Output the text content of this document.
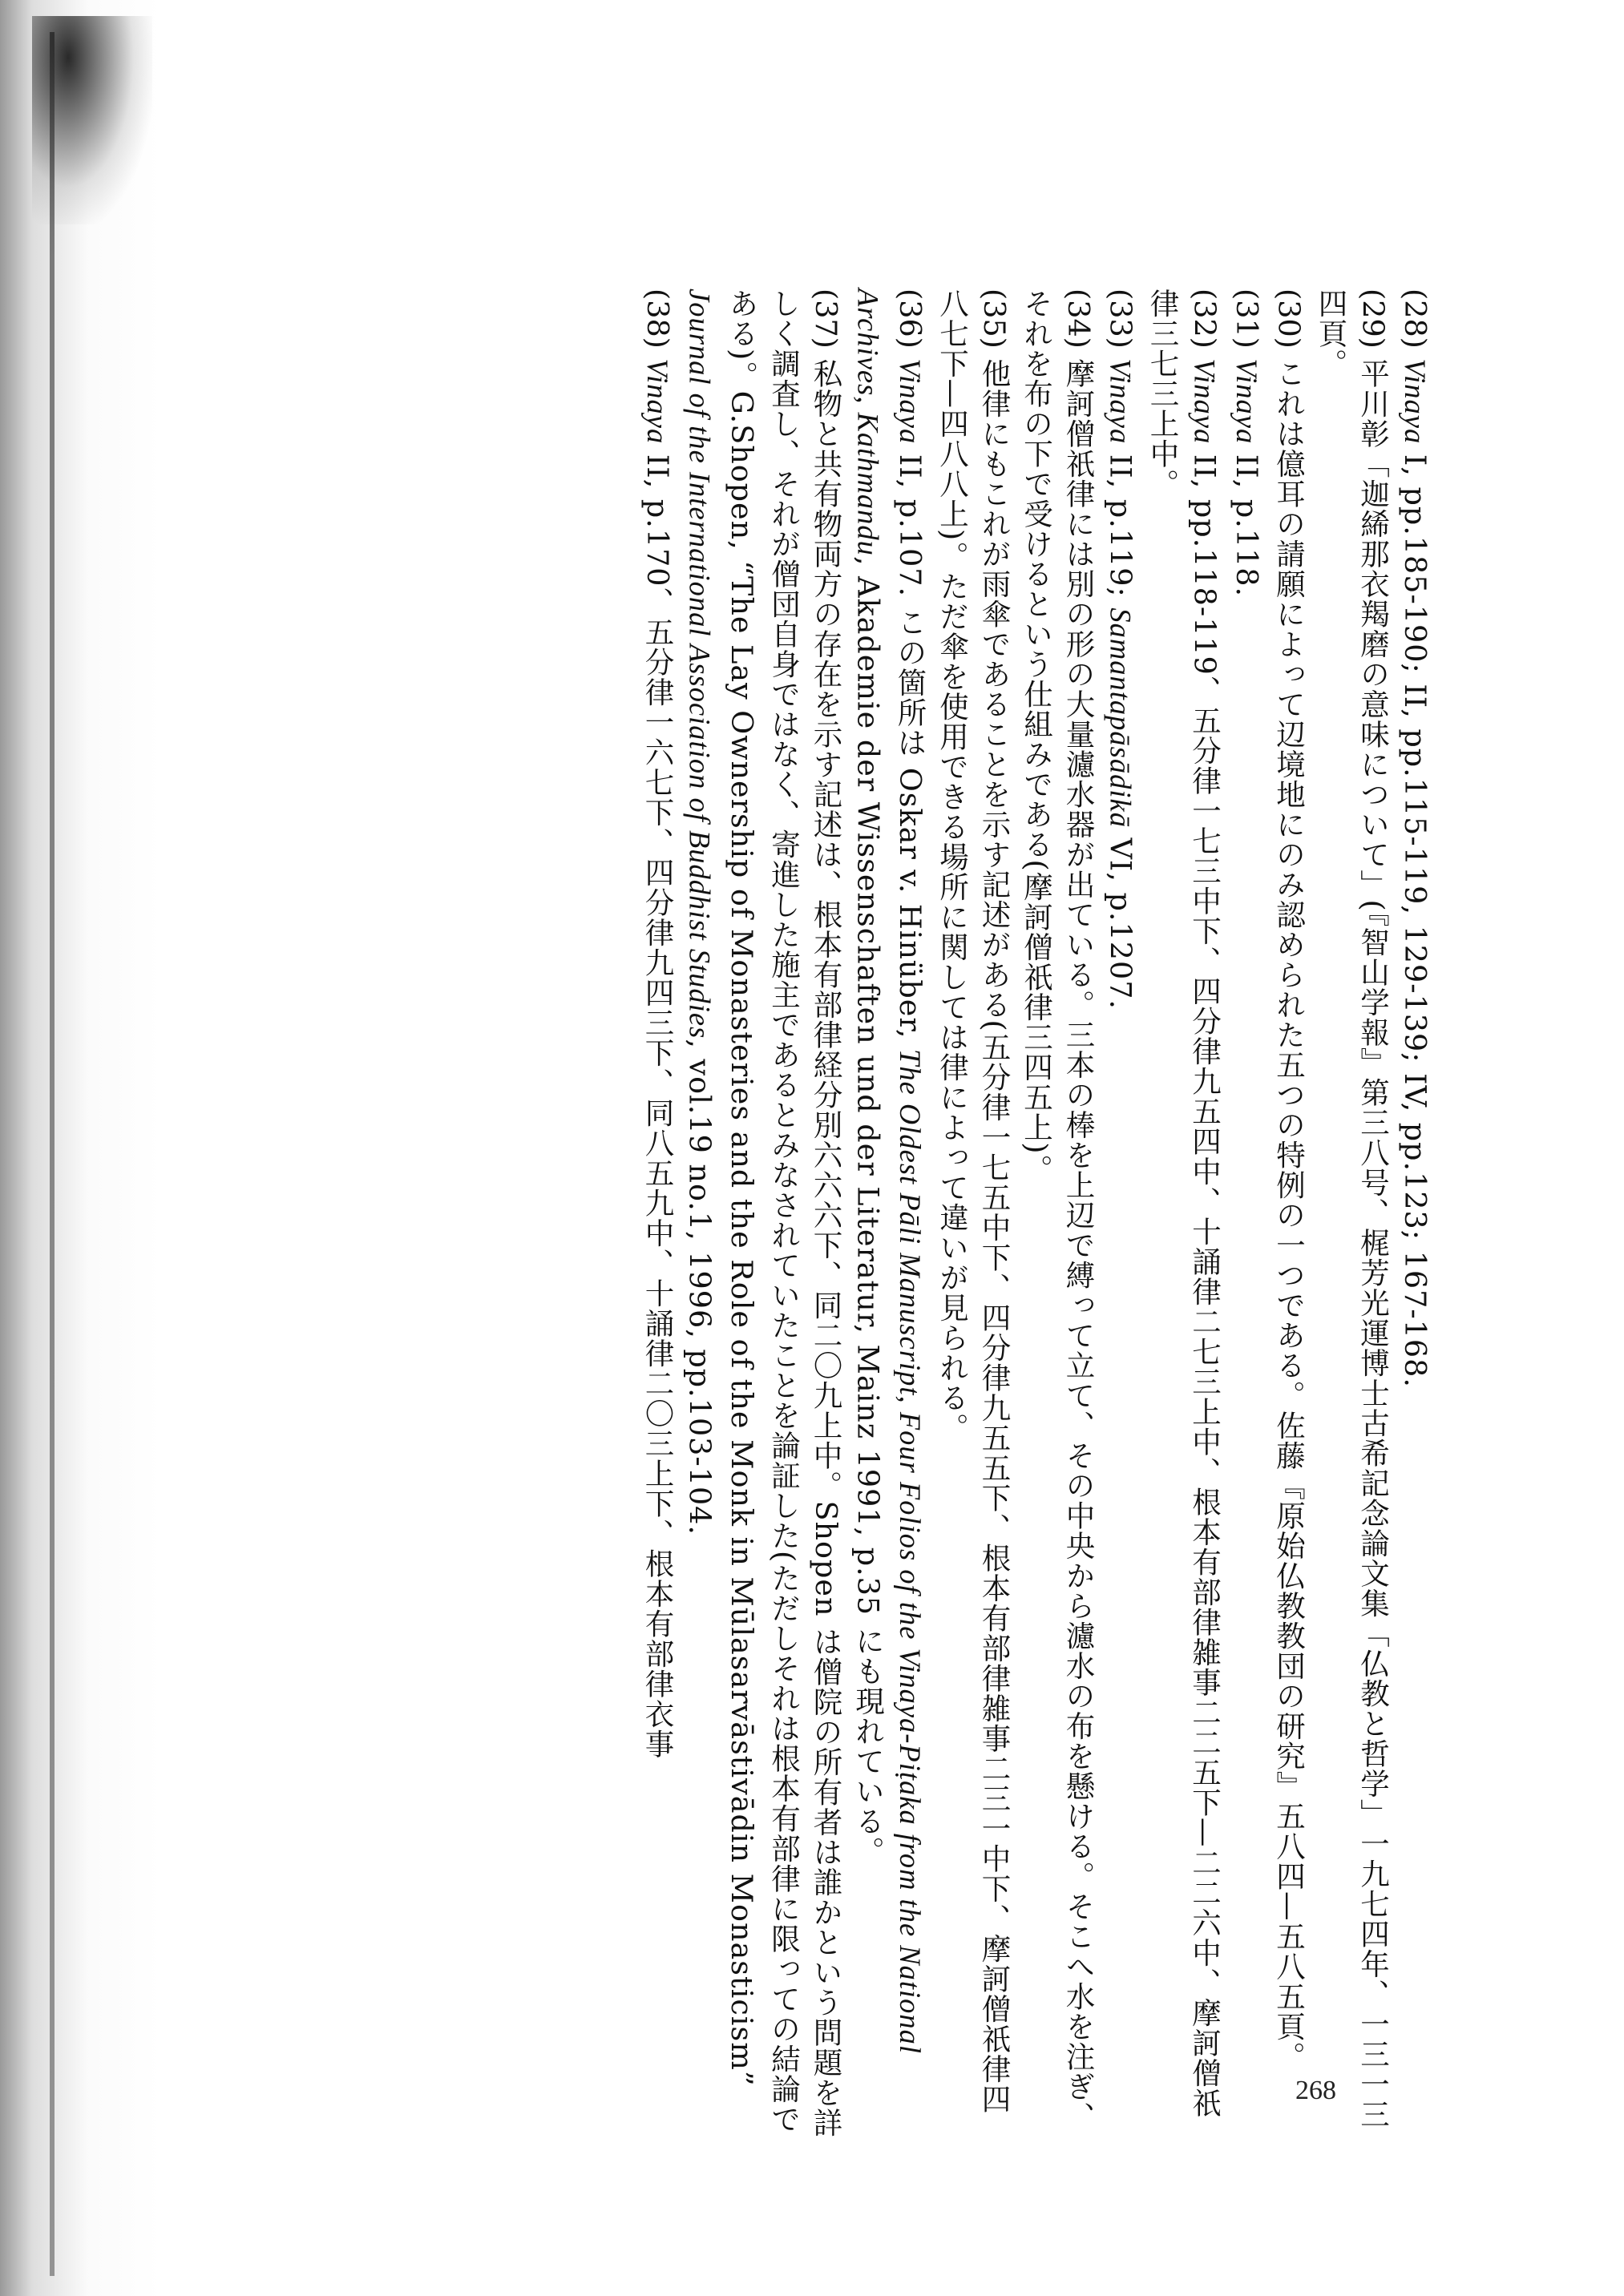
(28) Vinaya I, pp.185-190; II, pp.115-119, 129-139; IV, pp.123; 167-168.
(29) 平川彰「迦絺那衣羯磨の意味について」(『智山学報』第三八号、梶芳光運博士古希記念論文集「仏教と哲学」一九七四年、一三一三四頁。
(30) これは億耳の請願によって辺境地にのみ認められた五つの特例の一つである。佐藤『原始仏教教団の研究』五八四—五八五頁。
(31) Vinaya II, p.118.
(32) Vinaya II, pp.118-119、五分律一七三中下、四分律九五四中、十誦律二七三上中、根本有部律雑事二二五下—二二六中、摩訶僧祇律三七三上中。
(33) Vinaya II, p.119; Samantapāsādikā VI, p.1207.
(34) 摩訶僧祇律には別の形の大量濾水器が出ている。三本の棒を上辺で縛って立て、その中央から濾水の布を懸ける。そこへ水を注ぎ、それを布の下で受けるという仕組みである(摩訶僧祇律三四五上)。
(35) 他律にもこれが雨傘であることを示す記述がある(五分律一七五中下、四分律九五五下、根本有部律雑事二三一中下、摩訶僧祇律四八七下—四八八上)。ただ傘を使用できる場所に関しては律によって違いが見られる。
(36) Vinaya II, p.107. この箇所は Oskar v. Hinüber, The Oldest Pāli Manuscript, Four Folios of the Vinaya-Piṭaka from the National Archives, Kathmandu, Akademie der Wissenschaften und der Literatur, Mainz 1991, p.35 にも現れている。
(37) 私物と共有物両方の存在を示す記述は、根本有部律経分別六六六下、同二〇九上中。Shopen は僧院の所有者は誰かという問題を詳しく調査し、それが僧団自身ではなく、寄進した施主であるとみなされていたことを論証した(ただしそれは根本有部律に限っての結論である)。G.Shopen, “The Lay Ownership of Monasteries and the Role of the Monk in Mūlasarvāstivādin Monasticism” Journal of the International Association of Buddhist Studies, vol.19 no.1, 1996, pp.103-104.
(38) Vinaya II, p.170、五分律一六七下、四分律九四三下、同八五九中、十誦律二〇三上下、根本有部律衣事
268
